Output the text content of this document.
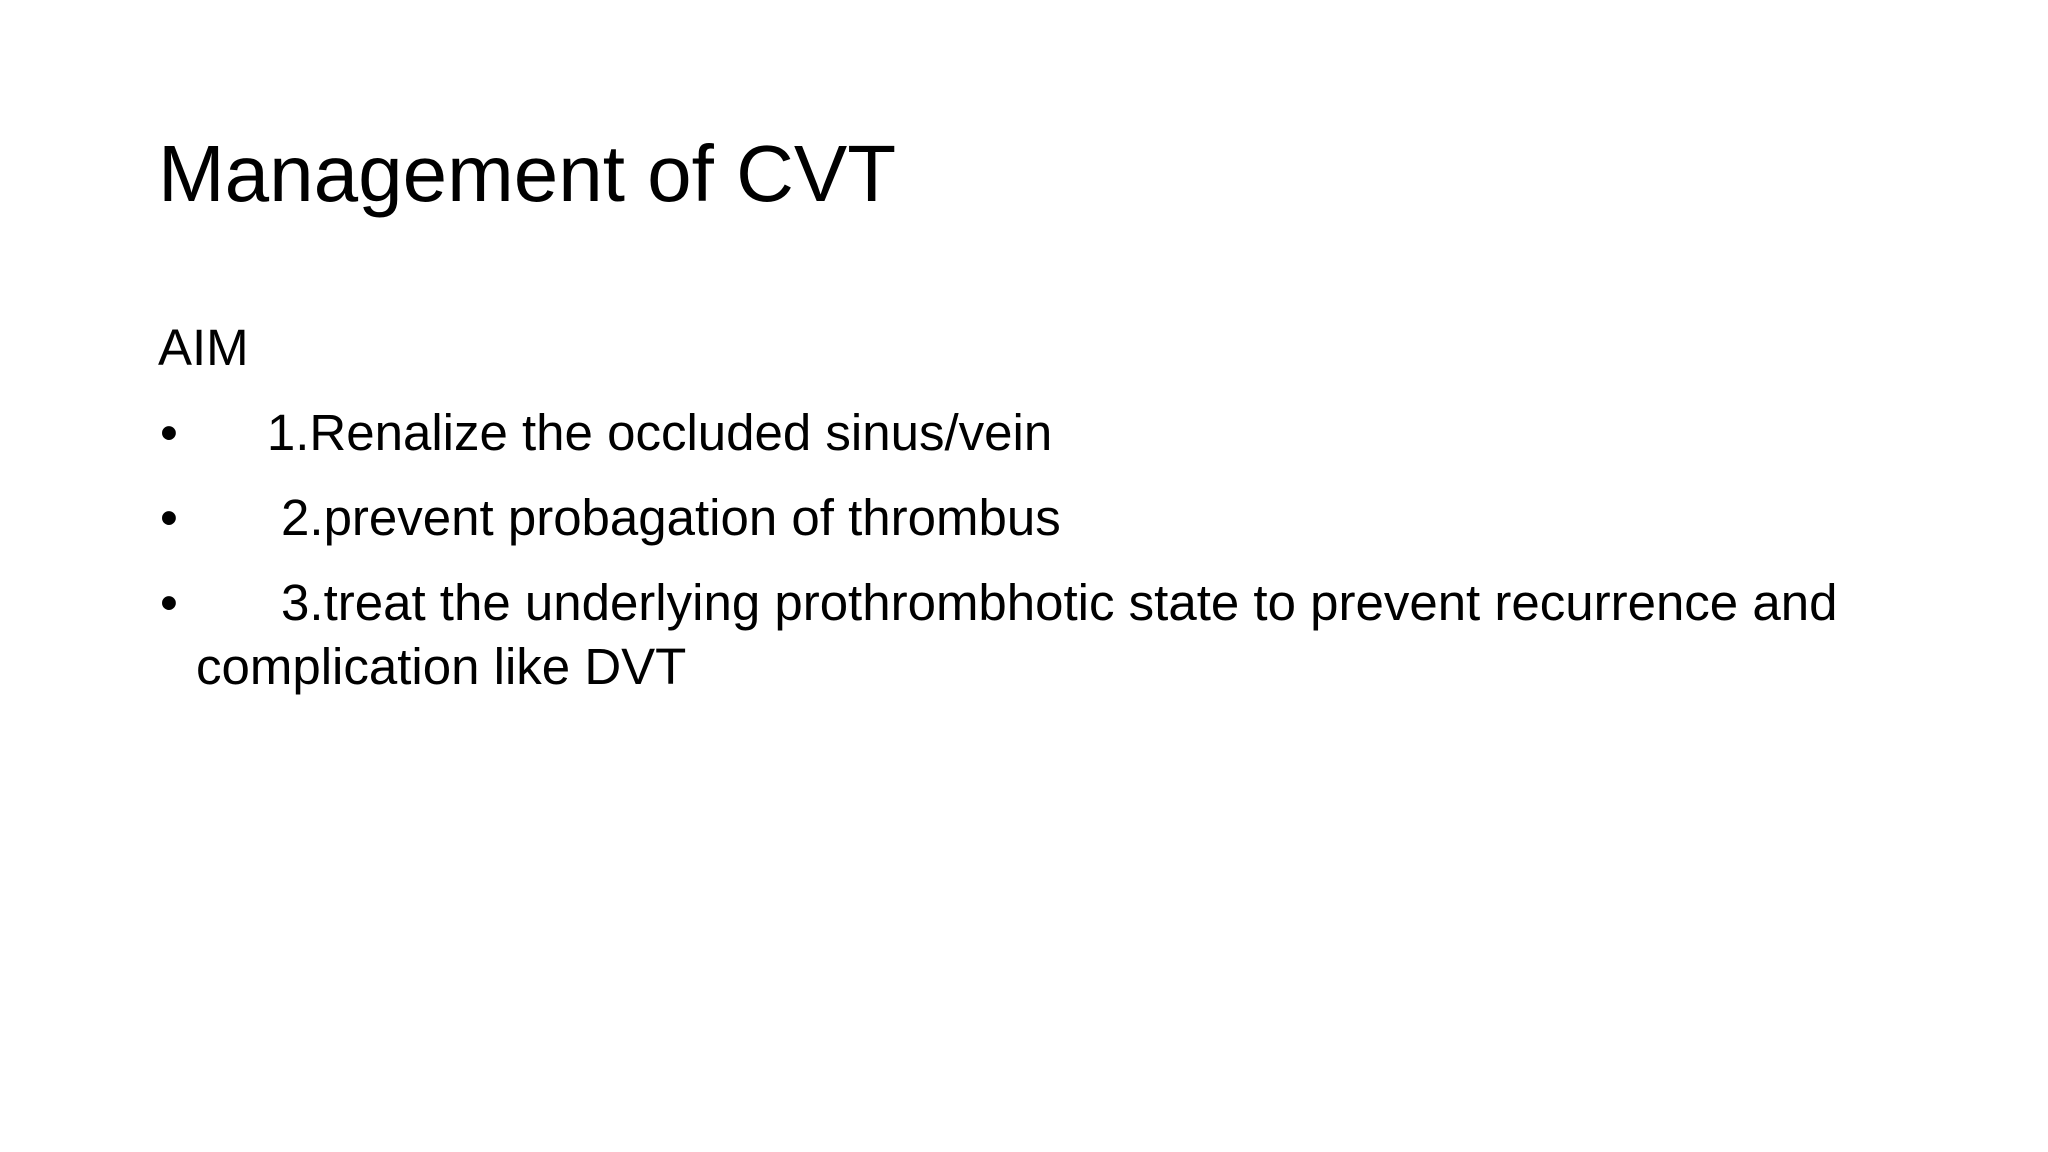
Management of CVT
AIM
• 1.Renalize the occluded sinus/vein
• 2.prevent probagation of thrombus
• 3.treat the underlying prothrombhotic state to prevent recurrence and complication like DVT
